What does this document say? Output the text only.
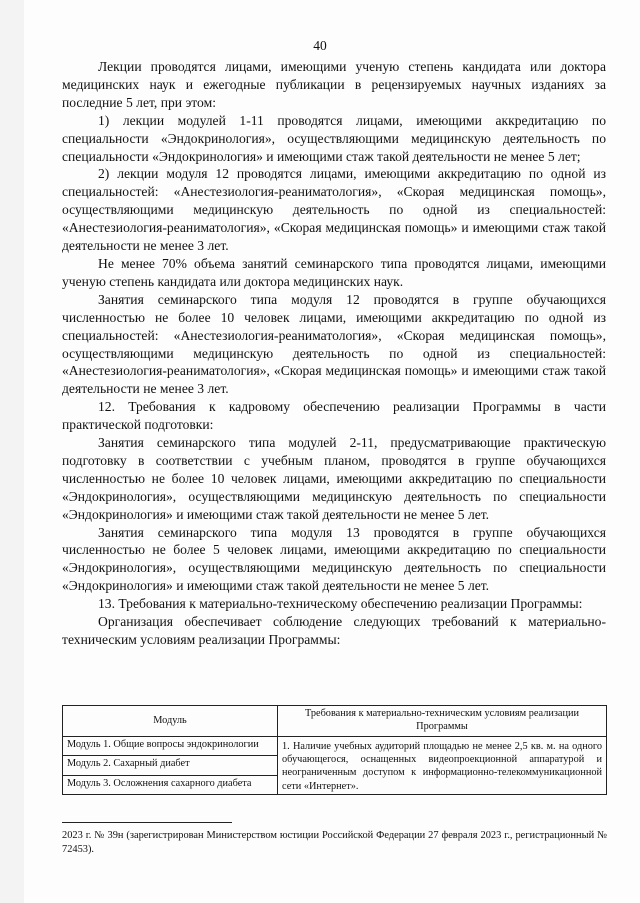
40

Лекции проводятся лицами, имеющими ученую степень кандидата или доктора медицинских наук и ежегодные публикации в рецензируемых научных изданиях за последние 5 лет, при этом:

1) лекции модулей 1-11 проводятся лицами, имеющими аккредитацию по специальности «Эндокринология», осуществляющими медицинскую деятельность по специальности «Эндокринология» и имеющими стаж такой деятельности не менее 5 лет;

2) лекции модуля 12 проводятся лицами, имеющими аккредитацию по одной из специальностей: «Анестезиология-реаниматология», «Скорая медицинская помощь», осуществляющими медицинскую деятельность по одной из специальностей: «Анестезиология-реаниматология», «Скорая медицинская помощь» и имеющими стаж такой деятельности не менее 3 лет.

Не менее 70% объема занятий семинарского типа проводятся лицами, имеющими ученую степень кандидата или доктора медицинских наук.

Занятия семинарского типа модуля 12 проводятся в группе обучающихся численностью не более 10 человек лицами, имеющими аккредитацию по одной из специальностей: «Анестезиология-реаниматология», «Скорая медицинская помощь», осуществляющими медицинскую деятельность по одной из специальностей: «Анестезиология-реаниматология», «Скорая медицинская помощь» и имеющими стаж такой деятельности не менее 3 лет.

12. Требования к кадровому обеспечению реализации Программы в части практической подготовки:

Занятия семинарского типа модулей 2-11, предусматривающие практическую подготовку в соответствии с учебным планом, проводятся в группе обучающихся численностью не более 10 человек лицами, имеющими аккредитацию по специальности «Эндокринология», осуществляющими медицинскую деятельность по специальности «Эндокринология» и имеющими стаж такой деятельности не менее 5 лет.

Занятия семинарского типа модуля 13 проводятся в группе обучающихся численностью не более 5 человек лицами, имеющими аккредитацию по специальности «Эндокринология», осуществляющими медицинскую деятельность по специальности «Эндокринология» и имеющими стаж такой деятельности не менее 5 лет.

13. Требования к материально-техническому обеспечению реализации Программы:

Организация обеспечивает соблюдение следующих требований к материально-техническим условиям реализации Программы:

Модуль	Требования к материально-техническим условиям реализации Программы
Модуль 1. Общие вопросы эндокринологии	1. Наличие учебных аудиторий площадью не менее 2,5 кв. м. на одного обучающегося, оснащенных видеопроекционной аппаратурой и неограниченным доступом к информационно-телекоммуникационной сети «Интернет».
Модуль 2. Сахарный диабет	
Модуль 3. Осложнения сахарного диабета	
2023 г. № 39н (зарегистрирован Министерством юстиции Российской Федерации 27 февраля 2023 г., регистрационный № 72453).
